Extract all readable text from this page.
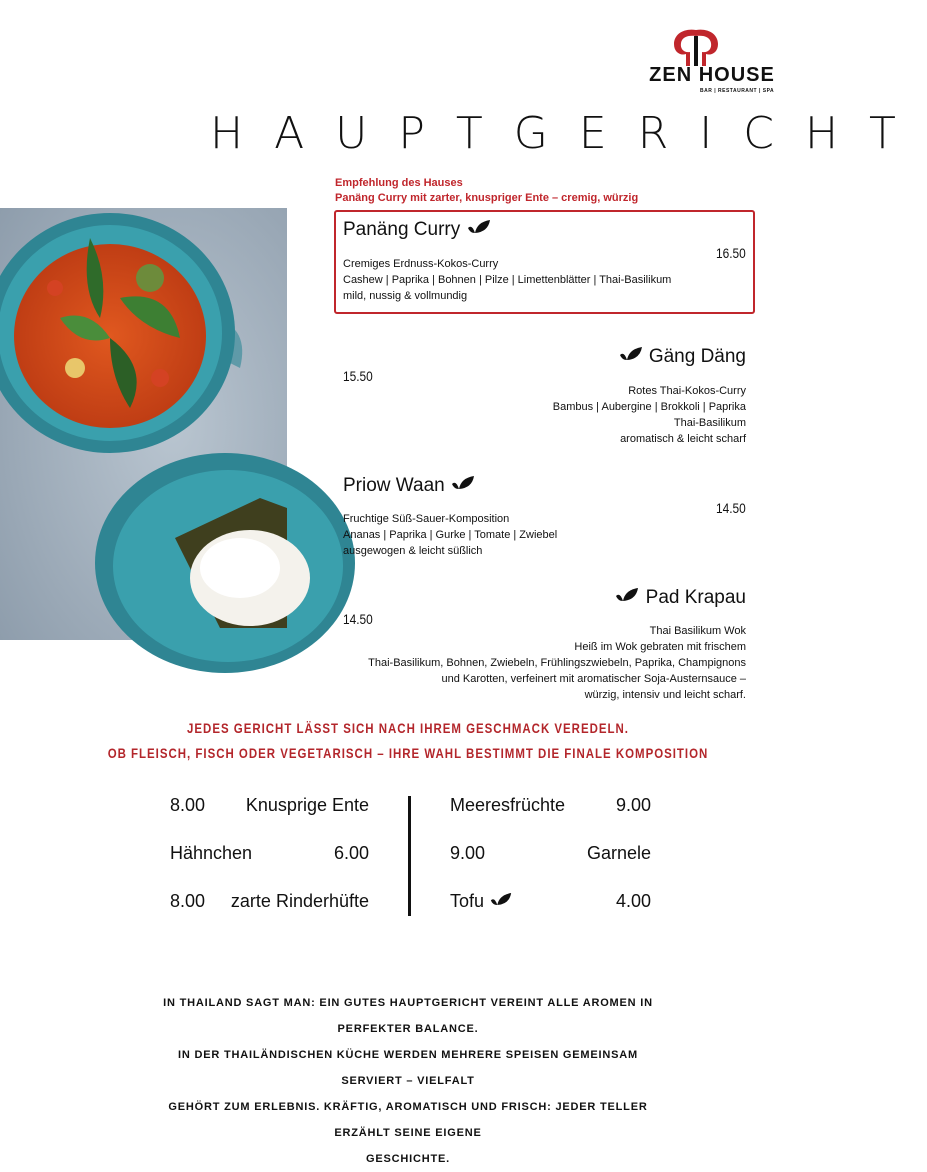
ZEN HOUSE
BAR | RESTAURANT | SPA
HAUPTGERICHT
Empfehlung des Hauses
Panäng Curry mit zarter, knuspriger Ente – cremig, würzig
Panäng Curry
16.50
Cremiges Erdnuss-Kokos-Curry
Cashew | Paprika | Bohnen | Pilze | Limettenblätter | Thai-Basilikum
mild, nussig & vollmundig
Gäng Däng
15.50
Rotes Thai-Kokos-Curry
Bambus | Aubergine | Brokkoli | Paprika
Thai-Basilikum
aromatisch & leicht scharf
Priow Waan
14.50
Fruchtige Süß-Sauer-Komposition
Ananas | Paprika | Gurke | Tomate | Zwiebel
ausgewogen & leicht süßlich
Pad Krapau
14.50
Thai Basilikum Wok
Heiß im Wok gebraten mit frischem
Thai-Basilikum, Bohnen, Zwiebeln, Frühlingszwiebeln, Paprika, Champignons
und Karotten, verfeinert mit aromatischer Soja-Austernsauce –
würzig, intensiv und leicht scharf.
JEDES GERICHT LÄSST SICH NACH IHREM GESCHMACK VEREDELN.
OB FLEISCH, FISCH ODER VEGETARISCH – IHRE WAHL BESTIMMT DIE FINALE KOMPOSITION
8.00	Knusprige Ente
Hähnchen	6.00
8.00	zarte Rinderhüfte
Meeresfrüchte	9.00
9.00	Garnele
Tofu	4.00
IN THAILAND SAGT MAN: EIN GUTES HAUPTGERICHT VEREINT ALLE AROMEN IN PERFEKTER BALANCE.
IN DER THAILÄNDISCHEN KÜCHE WERDEN MEHRERE SPEISEN GEMEINSAM SERVIERT – VIELFALT
GEHÖRT ZUM ERLEBNIS. KRÄFTIG, AROMATISCH UND FRISCH: JEDER TELLER ERZÄHLT SEINE EIGENE
GESCHICHTE.
